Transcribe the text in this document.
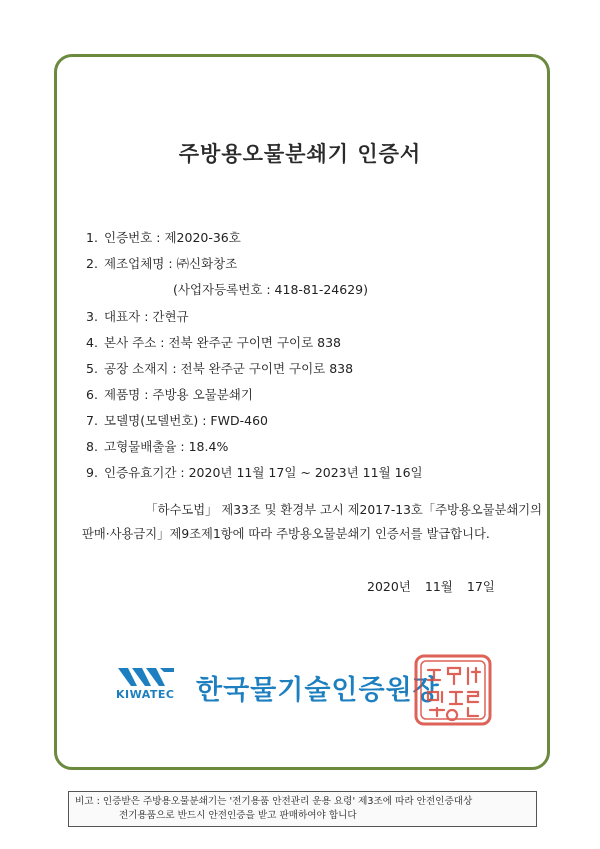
주방용오물분쇄기 인증서
1. 인증번호 : 제2020-36호
2. 제조업체명 : ㈜신화창조
(사업자등록번호 : 418-81-24629)
3. 대표자 : 간현규
4. 본사 주소 : 전북 완주군 구이면 구이로 838
5. 공장 소재지 : 전북 완주군 구이면 구이로 838
6. 제품명 : 주방용 오물분쇄기
7. 모델명(모델번호) : FWD-460
8. 고형물배출율 : 18.4%
9. 인증유효기간 : 2020년 11월 17일 ~ 2023년 11월 16일
「하수도법」 제33조 및 환경부 고시 제2017-13호「주방용오물분쇄기의
판매·사용금지」제9조제1항에 따라 주방용오물분쇄기 인증서를 발급합니다.
2020년 11월 17일
KIWATEC 한국물기술인증원장
비고 : 인증받은 주방용오물분쇄기는 '전기용품 안전관리 운용 요령' 제3조에 따라 안전인증대상
전기용품으로 반드시 안전인증을 받고 판매하여야 합니다
